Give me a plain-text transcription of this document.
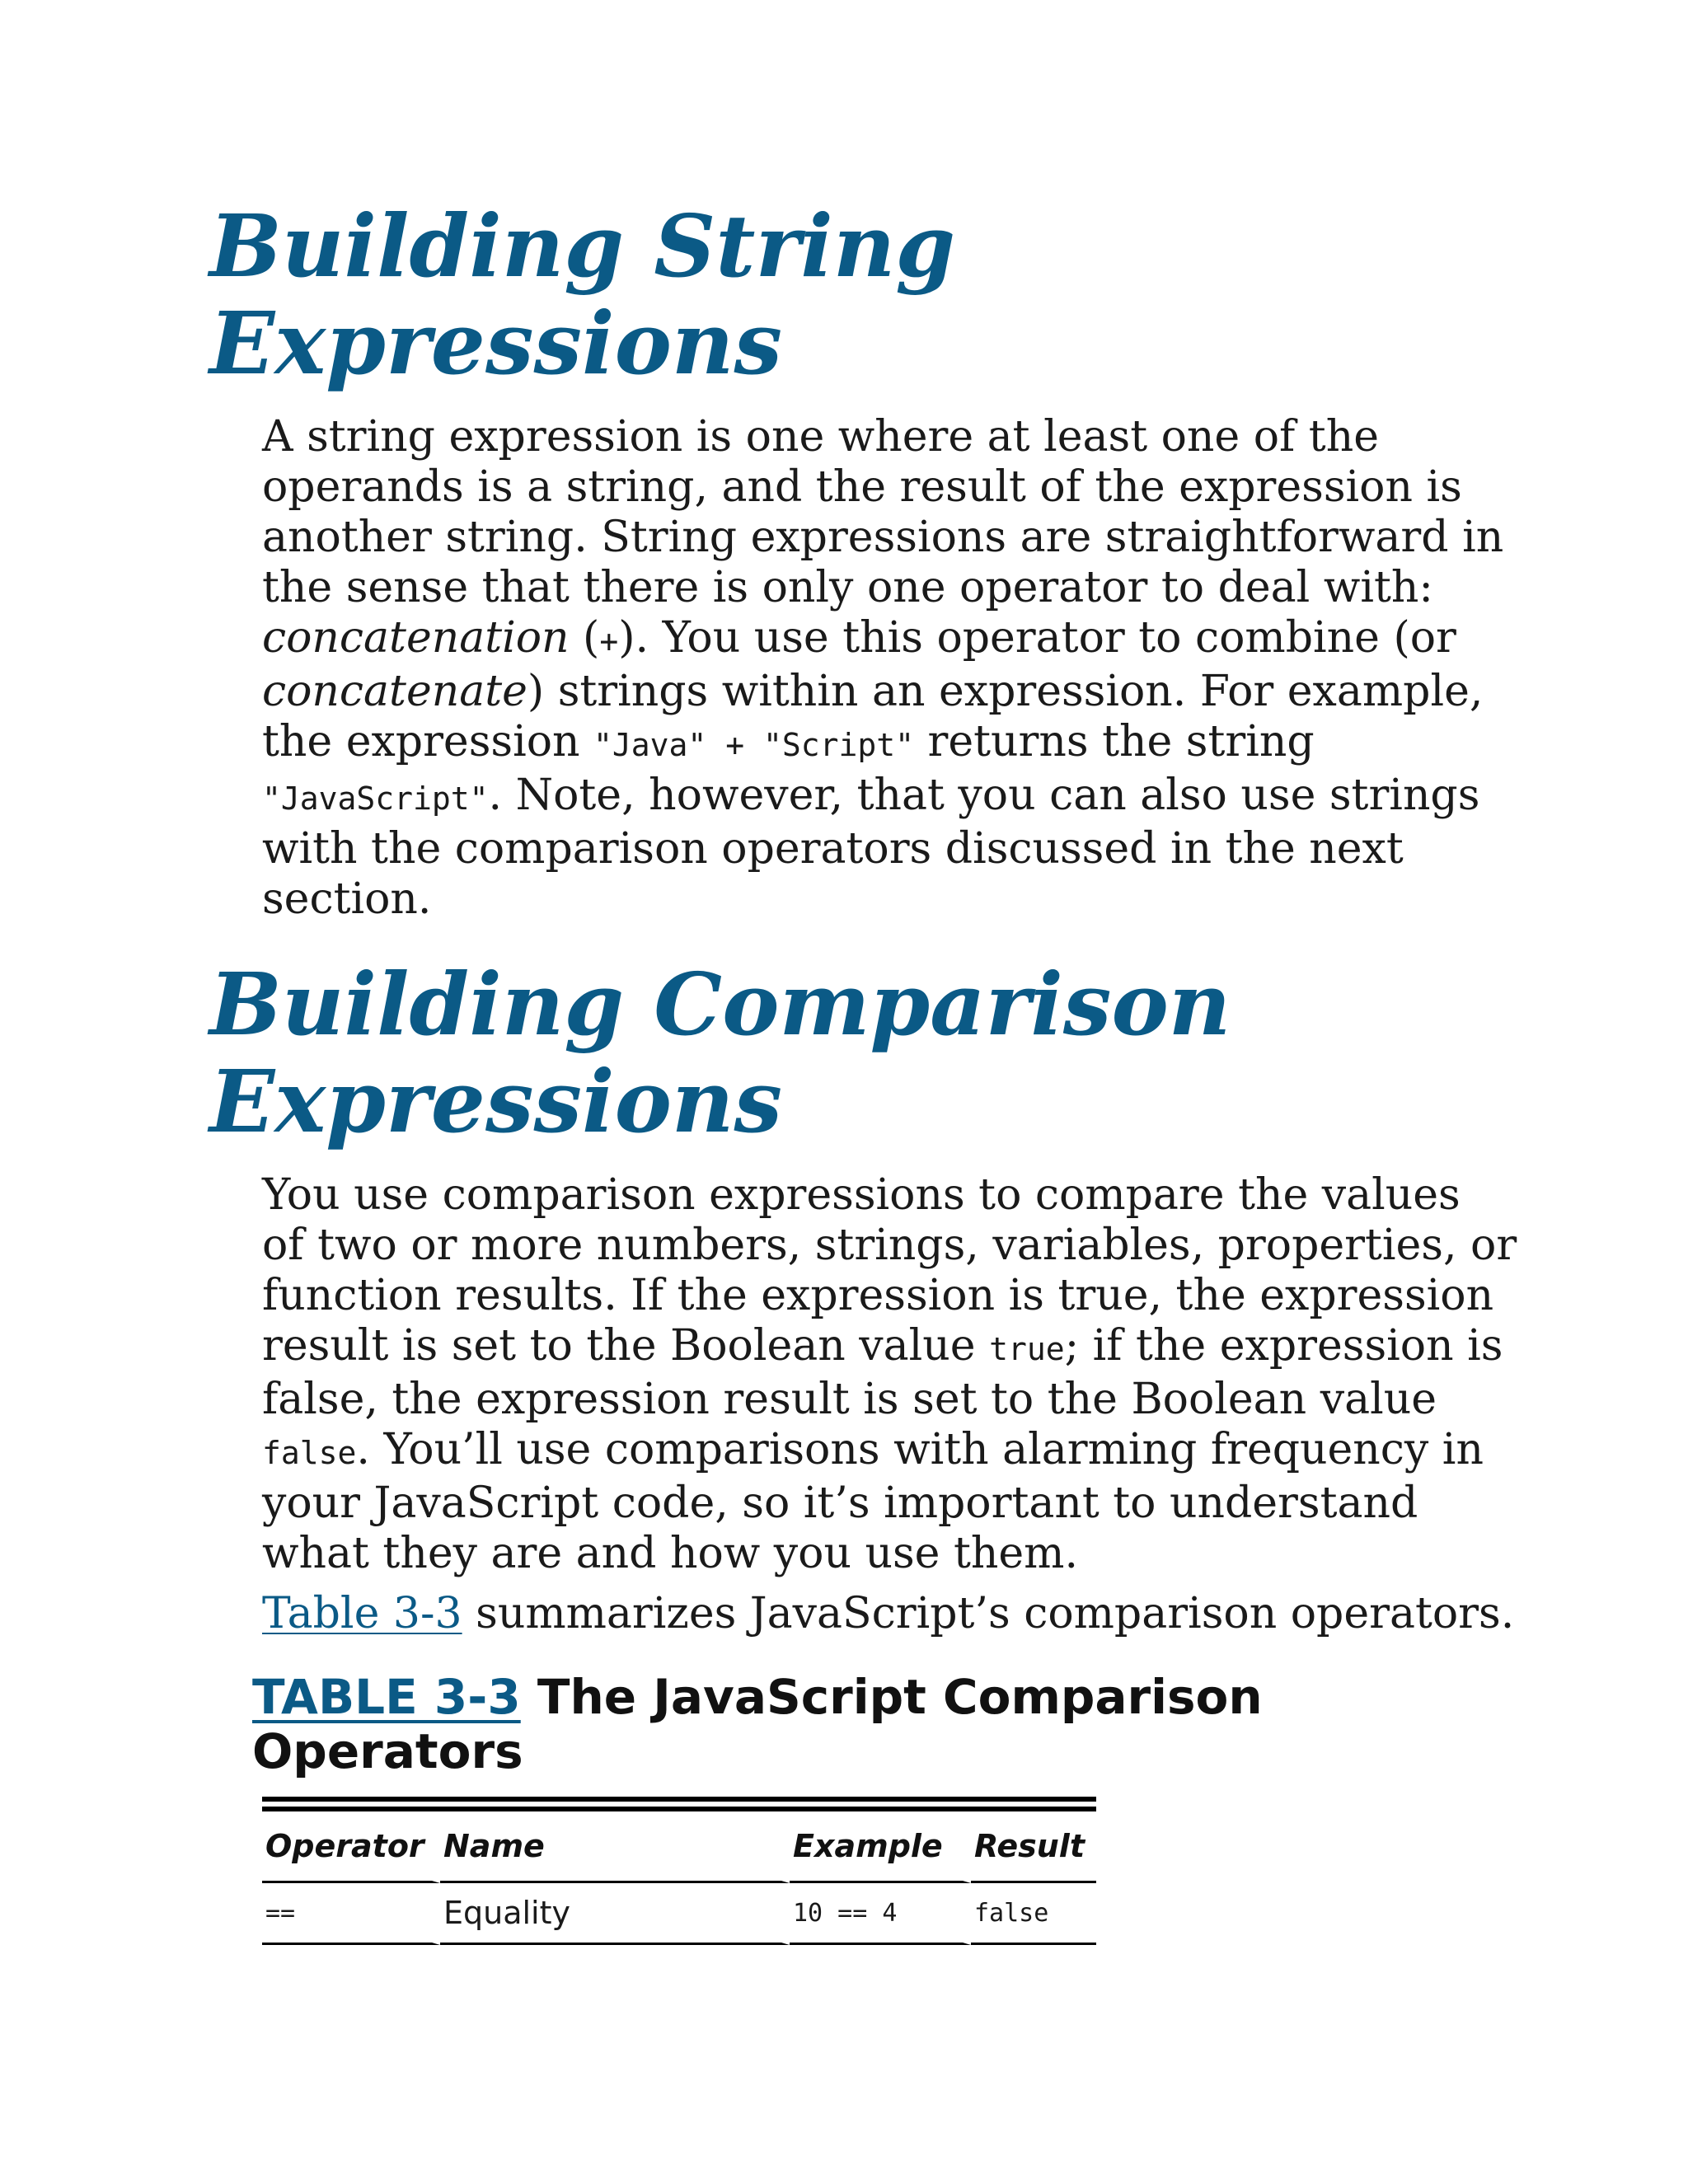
Building String
Expressions

A string expression is one where at least one of the
operands is a string, and the result of the expression is
another string. String expressions are straightforward in
the sense that there is only one operator to deal with:
concatenation (+). You use this operator to combine (or
concatenate) strings within an expression. For example,
the expression "Java" + "Script" returns the string
"JavaScript". Note, however, that you can also use strings
with the comparison operators discussed in the next
section.

Building Comparison
Expressions

You use comparison expressions to compare the values
of two or more numbers, strings, variables, properties, or
function results. If the expression is true, the expression
result is set to the Boolean value true; if the expression is
false, the expression result is set to the Boolean value
false. You’ll use comparisons with alarming frequency in
your JavaScript code, so it’s important to understand
what they are and how you use them.

Table 3-3 summarizes JavaScript’s comparison operators.

TABLE 3-3 The JavaScript Comparison
Operators
Operator	Name	Example	Result
==	Equality	10 == 4	false
